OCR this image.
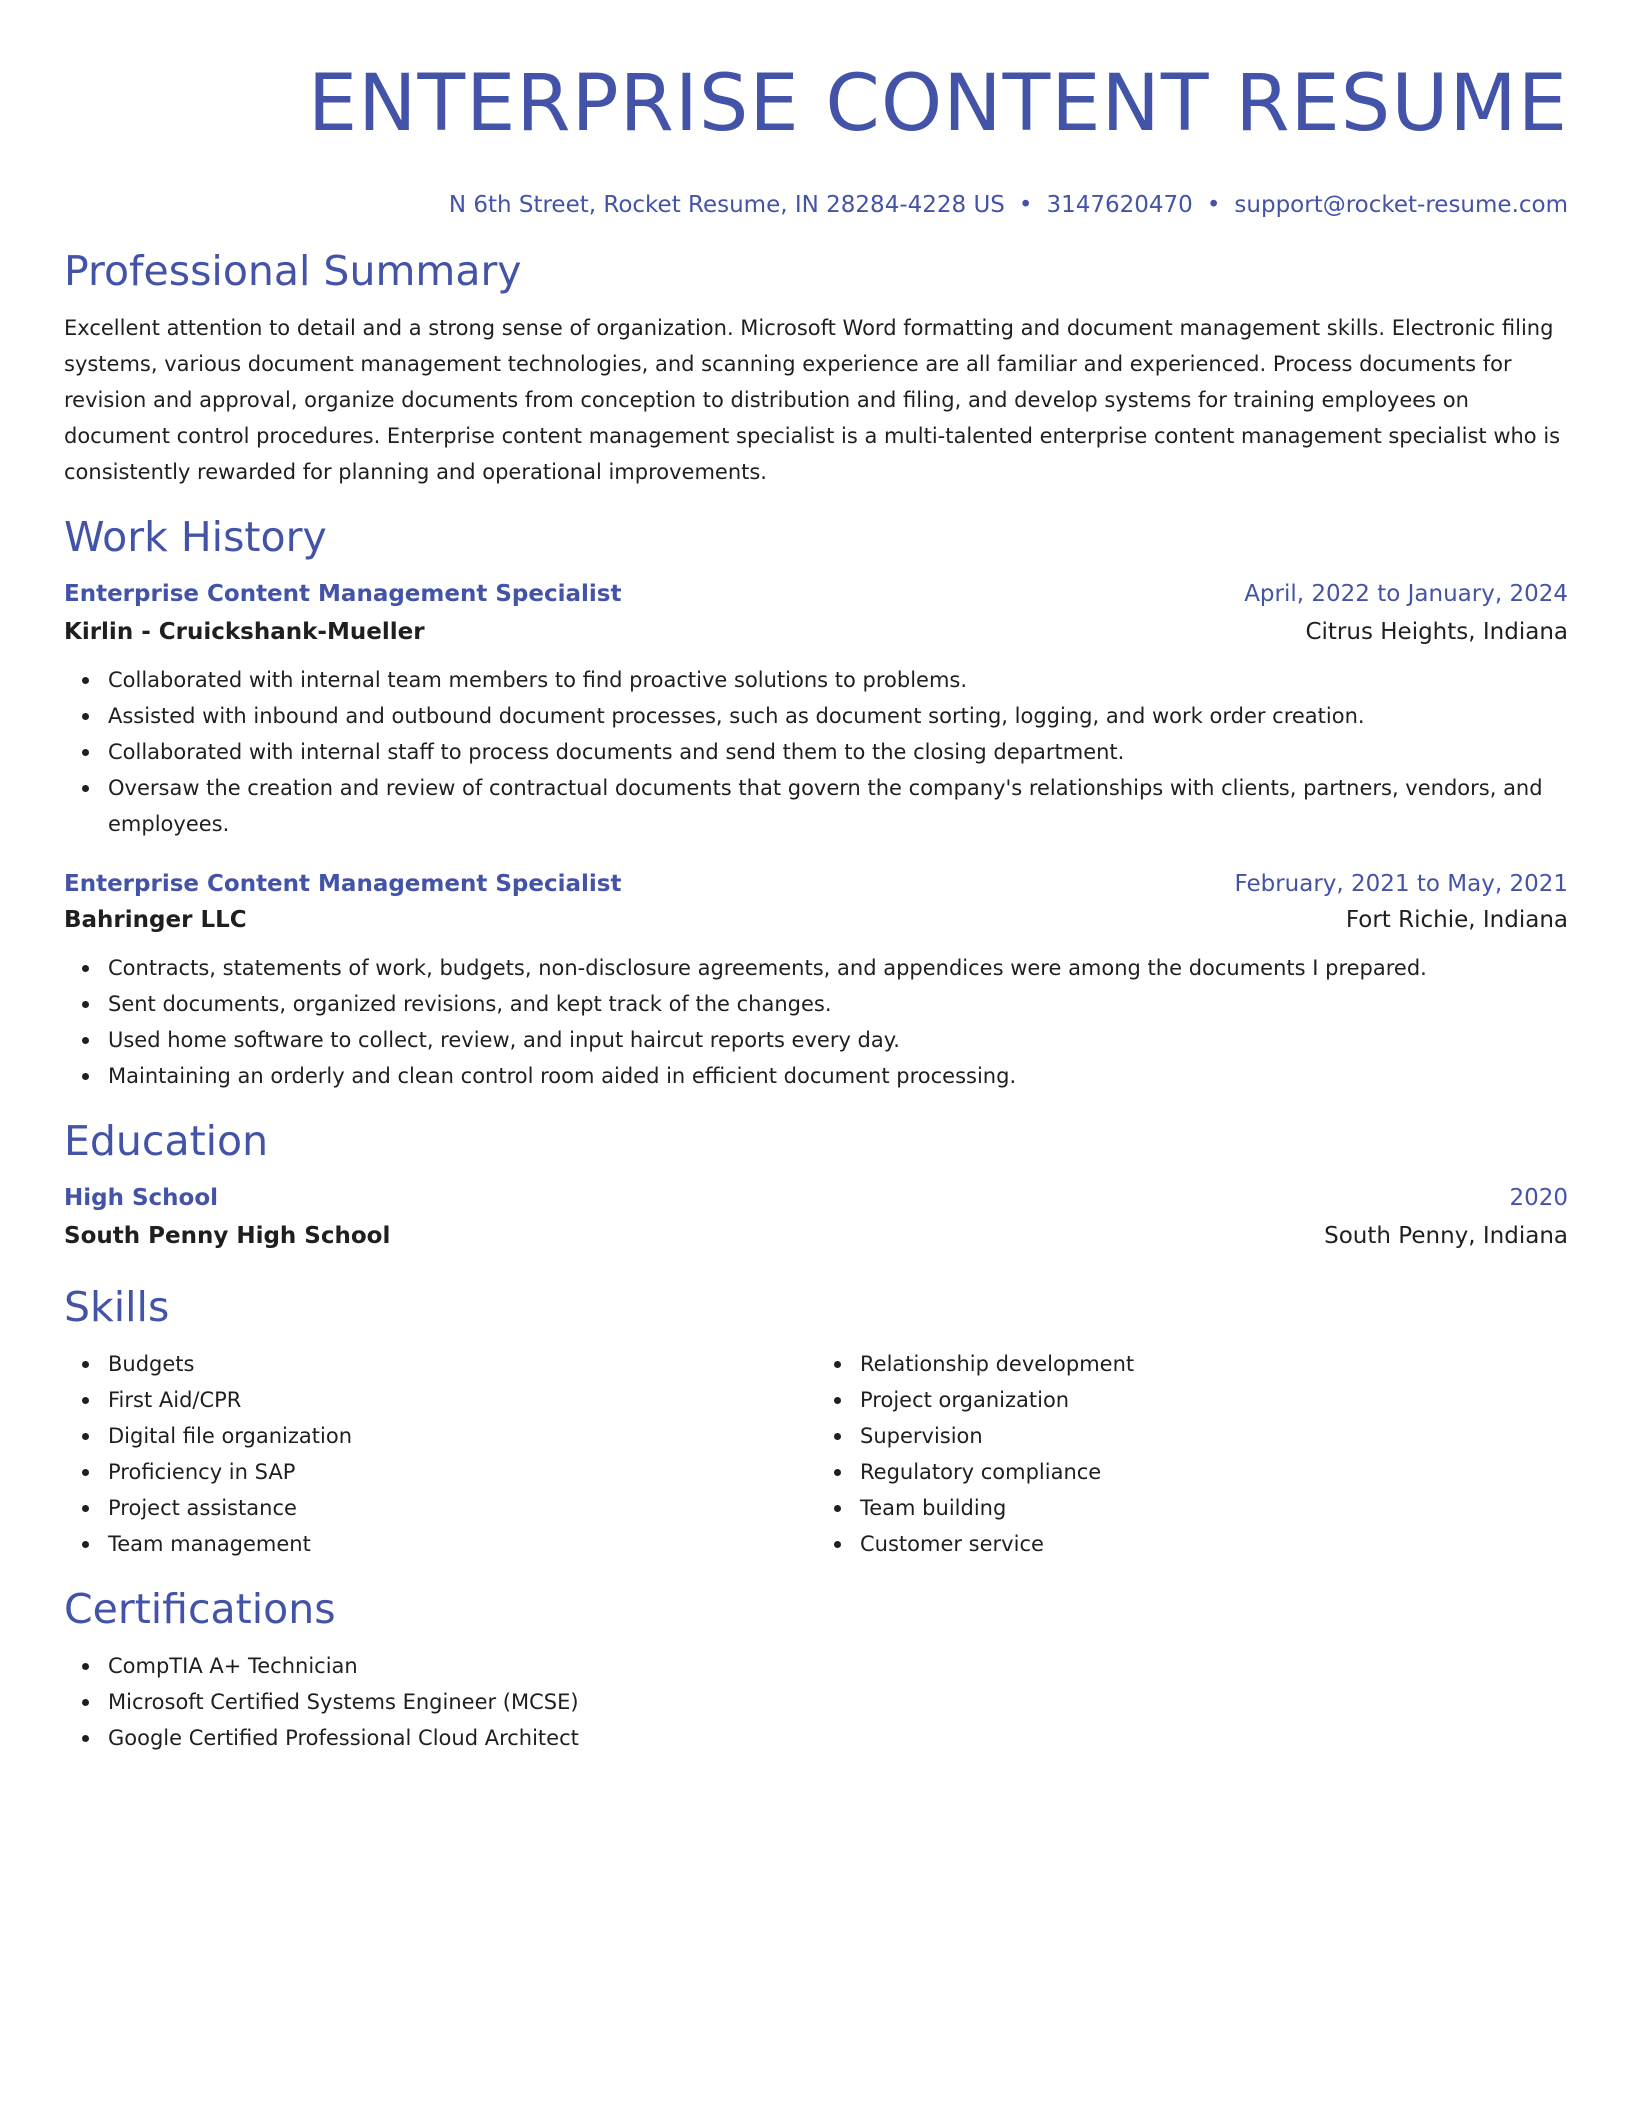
ENTERPRISE CONTENT RESUME
N 6th Street, Rocket Resume, IN 28284-4228 US • 3147620470 • support@rocket-resume.com
Professional Summary

Excellent attention to detail and a strong sense of organization. Microsoft Word formatting and document management skills. Electronic filing systems, various document management technologies, and scanning experience are all familiar and experienced. Process documents for revision and approval, organize documents from conception to distribution and filing, and develop systems for training employees on document control procedures. Enterprise content management specialist is a multi-talented enterprise content management specialist who is consistently rewarded for planning and operational improvements.

Work History
Enterprise Content Management Specialist	April, 2022 to January, 2024
Kirlin - Cruickshank-Mueller	Citrus Heights, Indiana
Collaborated with internal team members to find proactive solutions to problems.
Assisted with inbound and outbound document processes, such as document sorting, logging, and work order creation.
Collaborated with internal staff to process documents and send them to the closing department.
Oversaw the creation and review of contractual documents that govern the company's relationships with clients, partners, vendors, and employees.
Enterprise Content Management Specialist	February, 2021 to May, 2021
Bahringer LLC	Fort Richie, Indiana
Contracts, statements of work, budgets, non-disclosure agreements, and appendices were among the documents I prepared.
Sent documents, organized revisions, and kept track of the changes.
Used home software to collect, review, and input haircut reports every day.
Maintaining an orderly and clean control room aided in efficient document processing.
Education
High School	2020
South Penny High School	South Penny, Indiana
Skills
Budgets
First Aid/CPR
Digital file organization
Proficiency in SAP
Project assistance
Team management
Relationship development
Project organization
Supervision
Regulatory compliance
Team building
Customer service
Certifications
CompTIA A+ Technician
Microsoft Certified Systems Engineer (MCSE)
Google Certified Professional Cloud Architect
